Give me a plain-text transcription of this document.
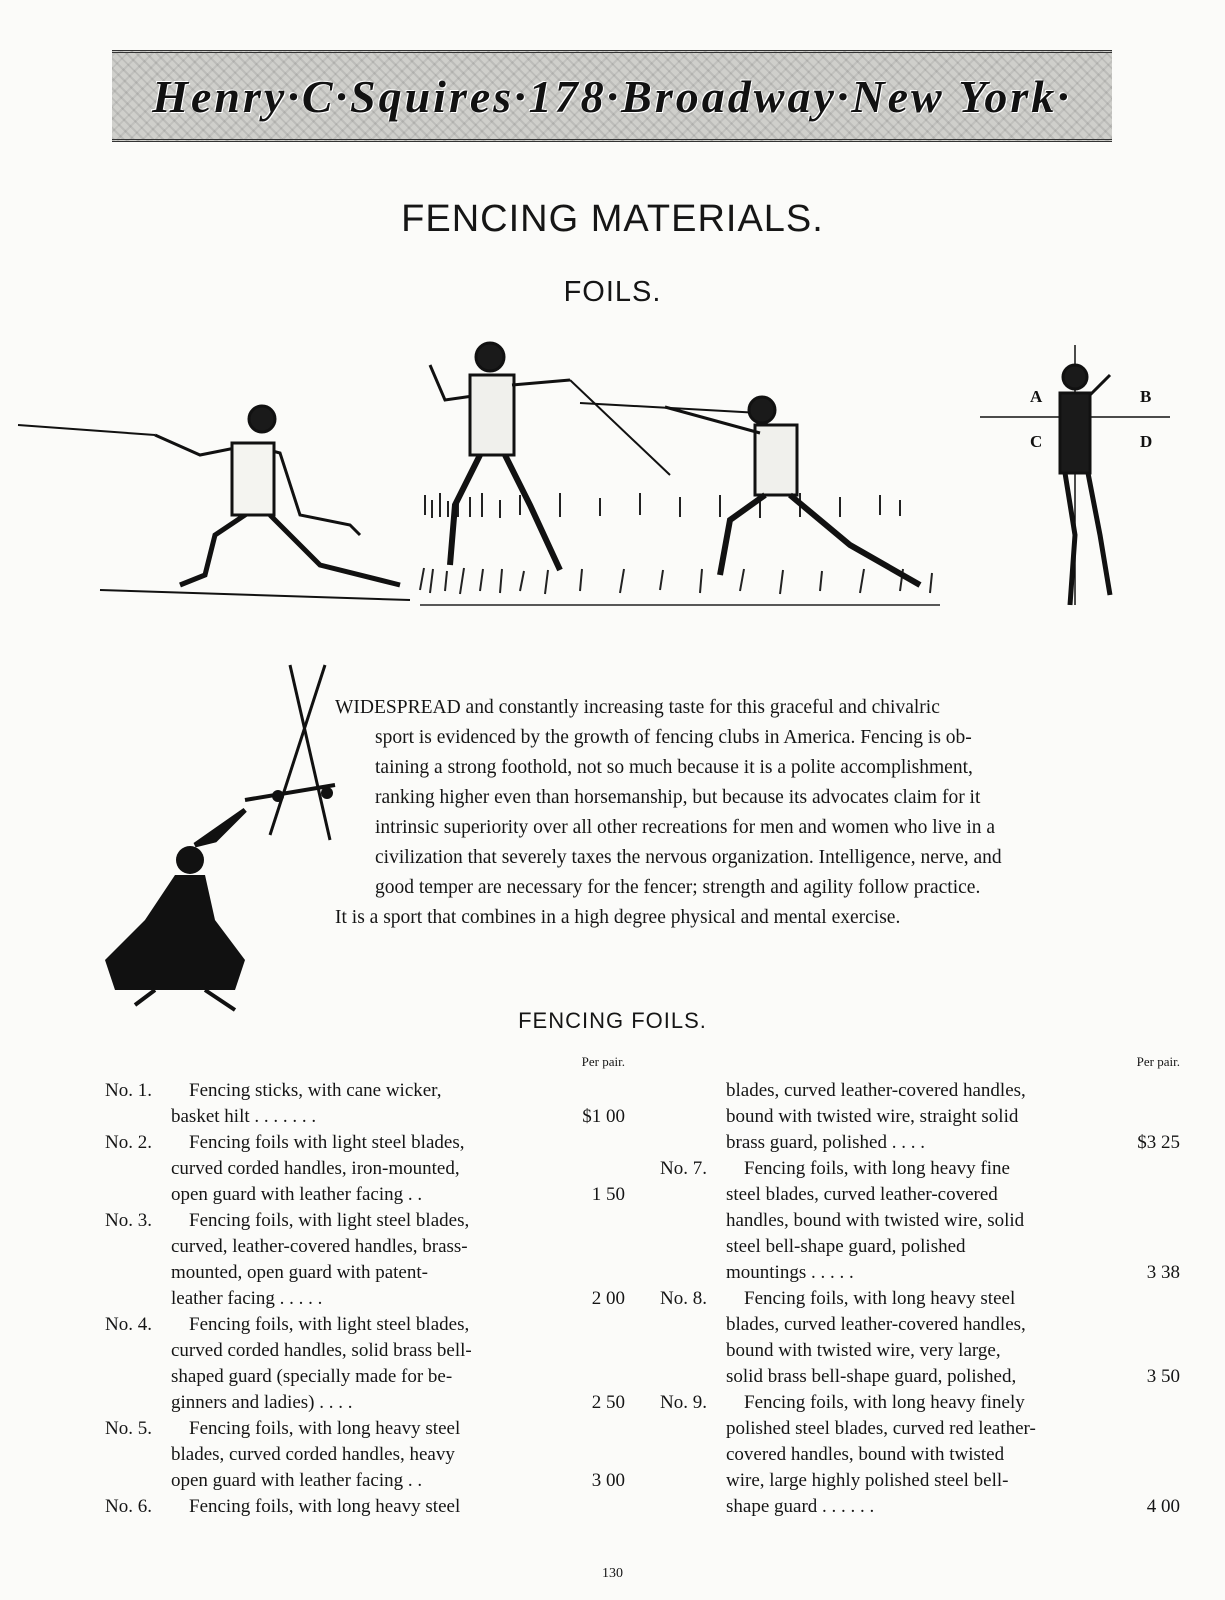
Henry·C·Squires·178·Broadway·New York·
FENCING MATERIALS.
FOILS.
A	B
C	D
WIDESPREAD and constantly increasing taste for this graceful and chivalric
sport is evidenced by the growth of fencing clubs in America. Fencing is ob-
taining a strong foothold, not so much because it is a polite accomplishment,
ranking higher even than horsemanship, but because its advocates claim for it
intrinsic superiority over all other recreations for men and women who live in a
civilization that severely taxes the nervous organization. Intelligence, nerve, and
good temper are necessary for the fencer; strength and agility follow practice.
It is a sport that combines in a high degree physical and mental exercise.
FENCING FOILS.
Per pair.
No. 1. Fencing sticks, with cane wicker,
basket hilt . . . . . . .	$1 00
No. 2. Fencing foils with light steel blades,
curved corded handles, iron-mounted,
open guard with leather facing . .	1 50
No. 3. Fencing foils, with light steel blades,
curved, leather-covered handles, brass-
mounted, open guard with patent-
leather facing . . . . .	2 00
No. 4. Fencing foils, with light steel blades,
curved corded handles, solid brass bell-
shaped guard (specially made for be-
ginners and ladies) . . . .	2 50
No. 5. Fencing foils, with long heavy steel
blades, curved corded handles, heavy
open guard with leather facing . .	3 00
No. 6. Fencing foils, with long heavy steel
Per pair.
blades, curved leather-covered handles,
bound with twisted wire, straight solid
brass guard, polished . . . .	$3 25
No. 7. Fencing foils, with long heavy fine
steel blades, curved leather-covered
handles, bound with twisted wire, solid
steel bell-shape guard, polished
mountings . . . . .	3 38
No. 8. Fencing foils, with long heavy steel
blades, curved leather-covered handles,
bound with twisted wire, very large,
solid brass bell-shape guard, polished,	3 50
No. 9. Fencing foils, with long heavy finely
polished steel blades, curved red leather-
covered handles, bound with twisted
wire, large highly polished steel bell-
shape guard . . . . . .	4 00
130
